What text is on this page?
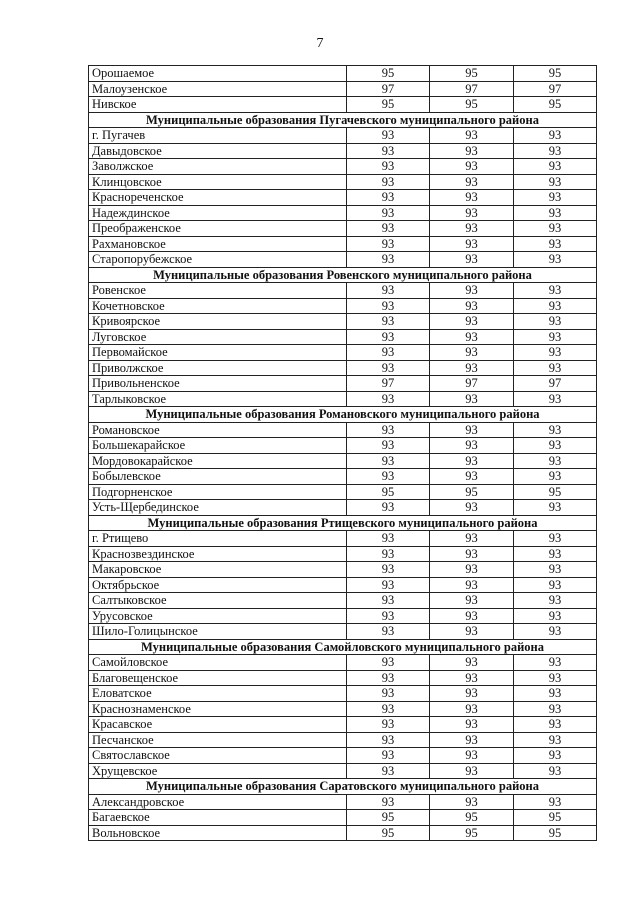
7
Орошаемое	95	95	95
Малоузенское	97	97	97
Нивское	95	95	95
Муниципальные образования Пугачевского муниципального района			
г. Пугачев	93	93	93
Давыдовское	93	93	93
Заволжское	93	93	93
Клинцовское	93	93	93
Краснореченское	93	93	93
Надеждинское	93	93	93
Преображенское	93	93	93
Рахмановское	93	93	93
Старопорубежское	93	93	93
Муниципальные образования Ровенского муниципального района			
Ровенское	93	93	93
Кочетновское	93	93	93
Кривоярское	93	93	93
Луговское	93	93	93
Первомайское	93	93	93
Приволжское	93	93	93
Привольненское	97	97	97
Тарлыковское	93	93	93
Муниципальные образования Романовского муниципального района			
Романовское	93	93	93
Большекарайское	93	93	93
Мордовокарайское	93	93	93
Бобылевское	93	93	93
Подгорненское	95	95	95
Усть-Щербединское	93	93	93
Муниципальные образования Ртищевского муниципального района			
г. Ртищево	93	93	93
Краснозвездинское	93	93	93
Макаровское	93	93	93
Октябрьское	93	93	93
Салтыковское	93	93	93
Урусовское	93	93	93
Шило-Голицынское	93	93	93
Муниципальные образования Самойловского муниципального района			
Самойловское	93	93	93
Благовещенское	93	93	93
Еловатское	93	93	93
Краснознаменское	93	93	93
Красавское	93	93	93
Песчанское	93	93	93
Святославское	93	93	93
Хрущевское	93	93	93
Муниципальные образования Саратовского муниципального района			
Александровское	93	93	93
Багаевское	95	95	95
Вольновское	95	95	95
